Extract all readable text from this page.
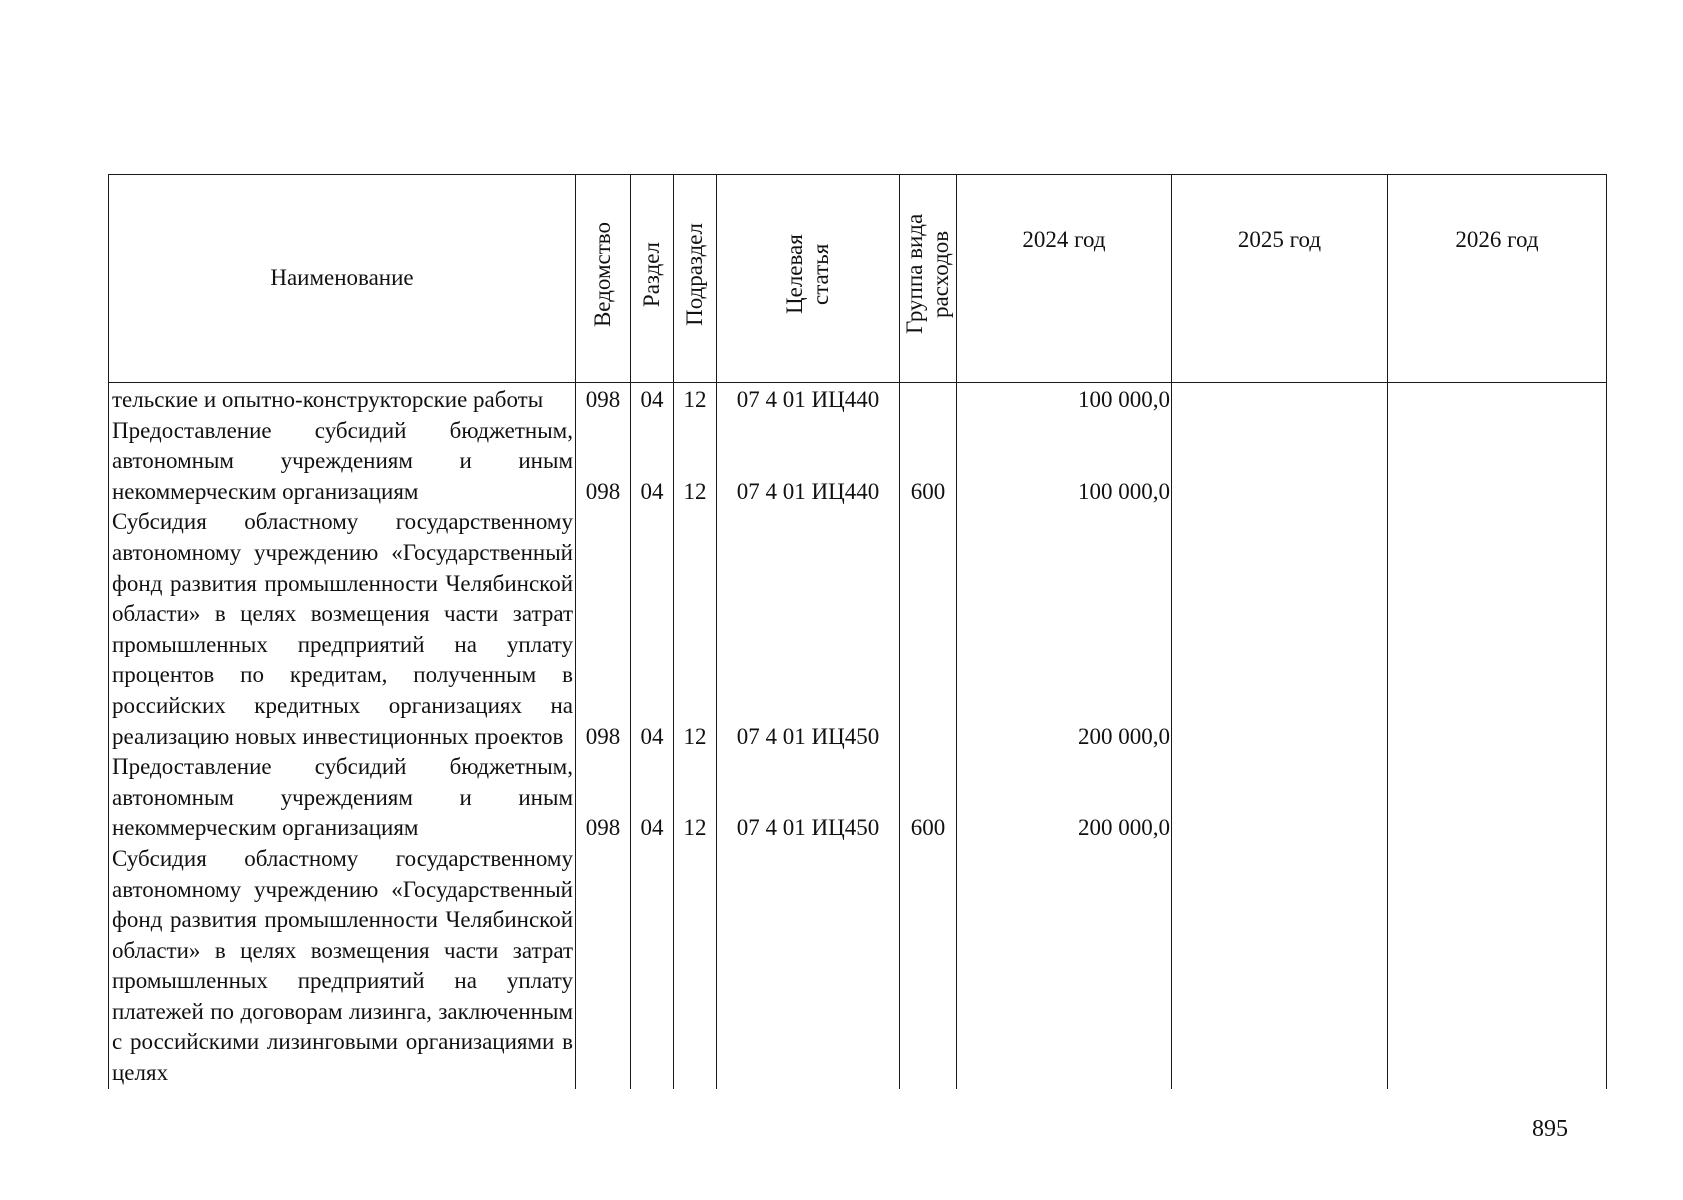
Наименование	Ведомство	Раздел	Подраздел	Целевая статья	Группа вида расходов	2024 год	2025 год	2026 год
тельские и опытно-конструкторские работы	098	04	12	07 4 01 ИЦ440		100 000,0		
Предоставление субсидий бюджетным, автономным учреждениям и иным некоммерческим организациям	098	04	12	07 4 01 ИЦ440	600	100 000,0		
Субсидия областному государственному автономному учреждению «Государственный фонд развития промышленности Челябинской области» в целях возмещения части затрат промышленных предприятий на уплату процентов по кредитам, полученным в российских кредитных организациях на реализацию новых инвестиционных проектов	098	04	12	07 4 01 ИЦ450		200 000,0		
Предоставление субсидий бюджетным, автономным учреждениям и иным некоммерческим организациям	098	04	12	07 4 01 ИЦ450	600	200 000,0		
Субсидия областному государственному автономному учреждению «Государственный фонд развития промышленности Челябинской области» в целях возмещения части затрат промышленных предприятий на уплату платежей по договорам лизинга, заключенным с российскими лизинговыми организациями в целях								
895
